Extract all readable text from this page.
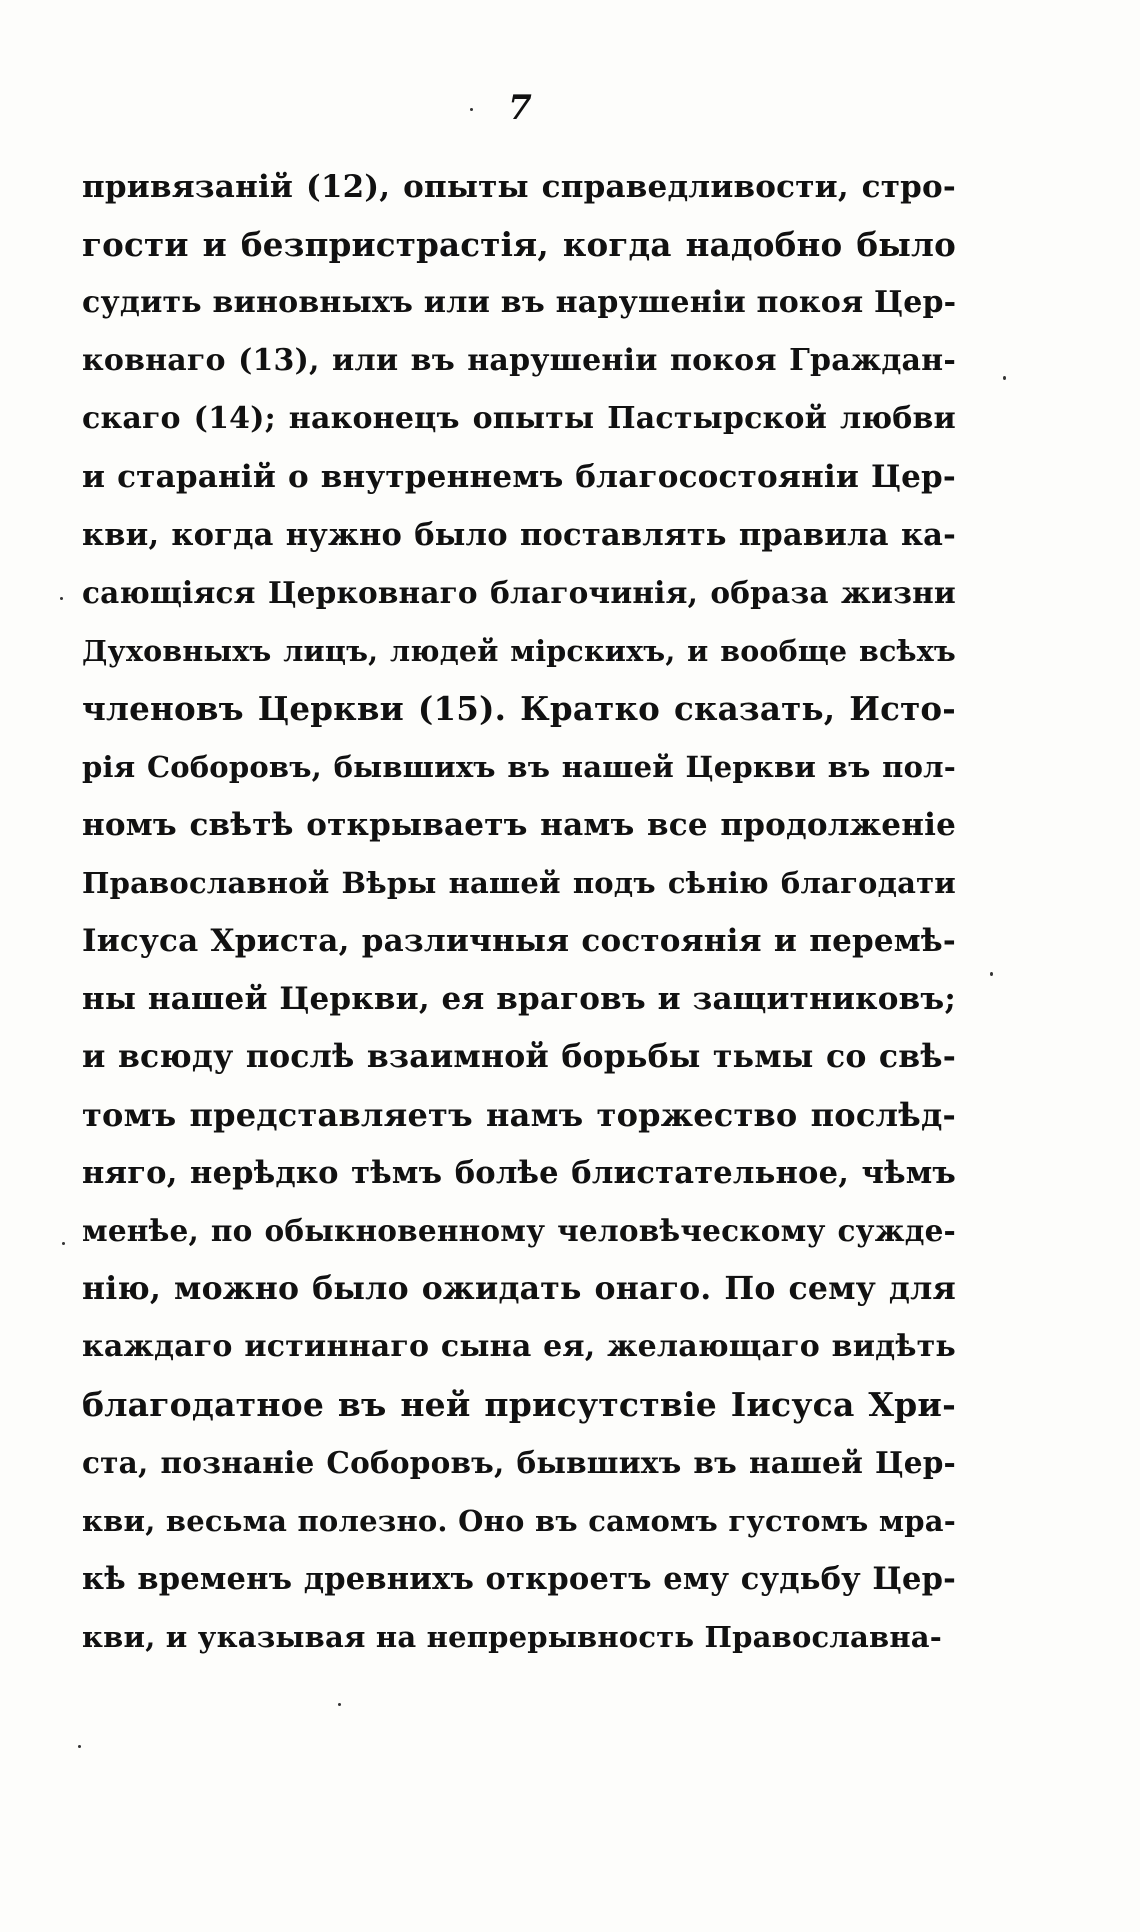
7
привязаній (12), опыты справедливости, стро-
гости и безпристрастія, когда надобно было
судить виновныхъ или въ нарушеніи покоя Цер-
ковнаго (13), или въ нарушеніи покоя Граждан-
скаго (14); наконецъ опыты Пастырской любви
и стараній о внутреннемъ благосостояніи Цер-
кви, когда нужно было поставлять правила ка-
сающіяся Церковнаго благочинія, образа жизни
Духовныхъ лицъ, людей мірскихъ, и вообще всѣхъ
членовъ Церкви (15). Кратко сказать, Исто-
рія Соборовъ, бывшихъ въ нашей Церкви въ пол-
номъ свѣтѣ открываетъ намъ все продолженіе
Православной Вѣры нашей подъ сѣнію благодати
Іисуса Христа, различныя состоянія и перемѣ-
ны нашей Церкви, ея враговъ и защитниковъ;
и всюду послѣ взаимной борьбы тьмы со свѣ-
томъ представляетъ намъ торжество послѣд-
няго, нерѣдко тѣмъ болѣе блистательное, чѣмъ
менѣе, по обыкновенному человѣческому сужде-
нію, можно было ожидать онаго. По сему для
каждаго истиннаго сына ея, желающаго видѣть
благодатное въ ней присутствіе Іисуса Хри-
ста, познаніе Соборовъ, бывшихъ въ нашей Цер-
кви, весьма полезно. Оно въ самомъ густомъ мра-
кѣ временъ древнихъ откроетъ ему судьбу Цер-
кви, и указывая на непрерывность Православна-
